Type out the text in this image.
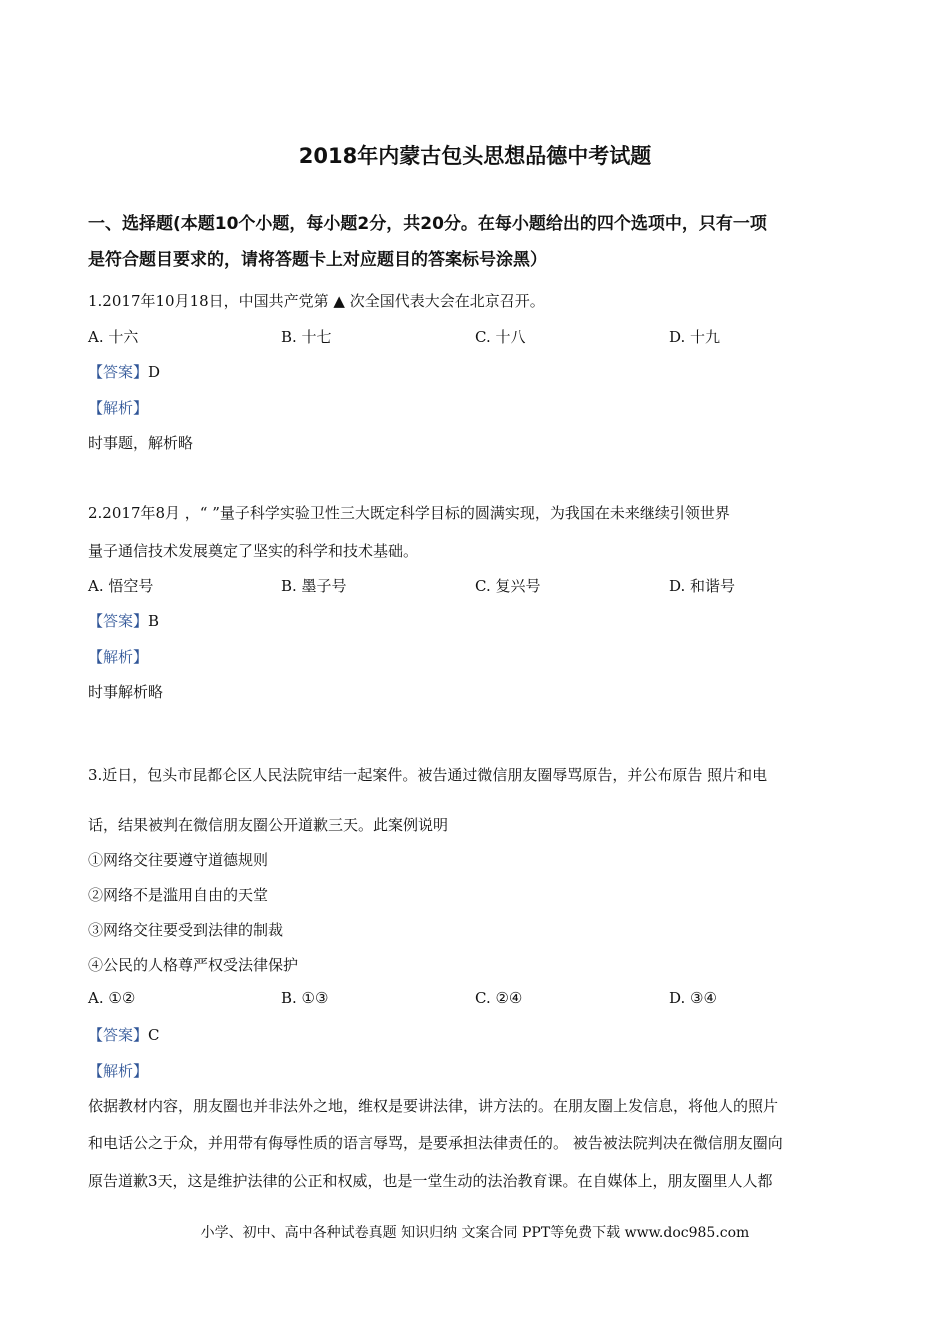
2018年内蒙古包头思想品德中考试题
一、选择题(本题10个小题，每小题2分，共20分。在每小题给出的四个选项中，只有一项
是符合题目要求的，请将答题卡上对应题目的答案标号涂黑）
1.2017年10月18日，中国共产党第 ▲ 次全国代表大会在北京召开。
A. 十六	B. 十七	C. 十八	D. 十九
【答案】D
【解析】
时事题，解析略
2.2017年8月 ，“ ”量子科学实验卫性三大既定科学目标的圆满实现，为我国在未来继续引领世界
量子通信技术发展奠定了坚实的科学和技术基础。
A. 悟空号	B. 墨子号	C. 复兴号	D. 和谐号
【答案】B
【解析】
时事解析略
3.近日，包头市昆都仑区人民法院审结一起案件。被告通过微信朋友圈辱骂原告，并公布原告 照片和电
话，结果被判在微信朋友圈公开道歉三天。此案例说明
①网络交往要遵守道德规则
②网络不是滥用自由的天堂
③网络交往要受到法律的制裁
④公民的人格尊严权受法律保护
A. ①②	B. ①③	C. ②④	D. ③④
【答案】C
【解析】
依据教材内容，朋友圈也并非法外之地，维权是要讲法律，讲方法的。在朋友圈上发信息，将他人的照片
和电话公之于众，并用带有侮辱性质的语言辱骂，是要承担法律责任的。 被告被法院判决在微信朋友圈向
原告道歉3天，这是维护法律的公正和权威，也是一堂生动的法治教育课。在自媒体上，朋友圈里人人都
小学、初中、高中各种试卷真题 知识归纳 文案合同 PPT等免费下载 www.doc985.com
